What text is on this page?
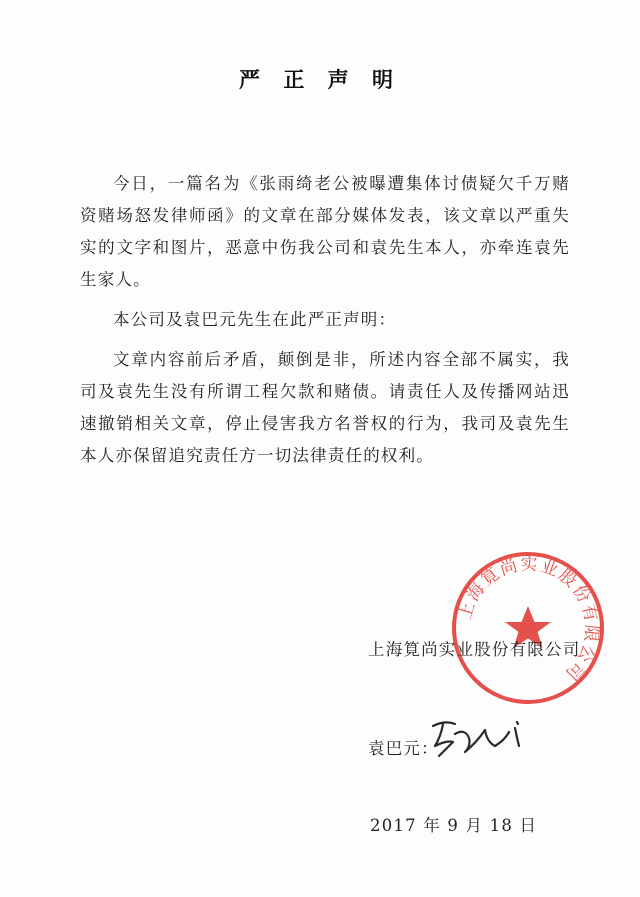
严 正 声 明

今日，一篇名为《张雨绮老公被曝遭集体讨债疑欠千万赌资赌场怒发律师函》的文章在部分媒体发表，该文章以严重失实的文字和图片，恶意中伤我公司和袁先生本人，亦牵连袁先生家人。

本公司及袁巴元先生在此严正声明：

文章内容前后矛盾，颠倒是非，所述内容全部不属实，我司及袁先生没有所谓工程欠款和赌债。请责任人及传播网站迅速撤销相关文章，停止侵害我方名誉权的行为，我司及袁先生本人亦保留追究责任方一切法律责任的权利。

上海筧尚实业股份有限公司
上海筧尚实业股份有限公司
袁巴元：
2017 年 9 月 18 日
